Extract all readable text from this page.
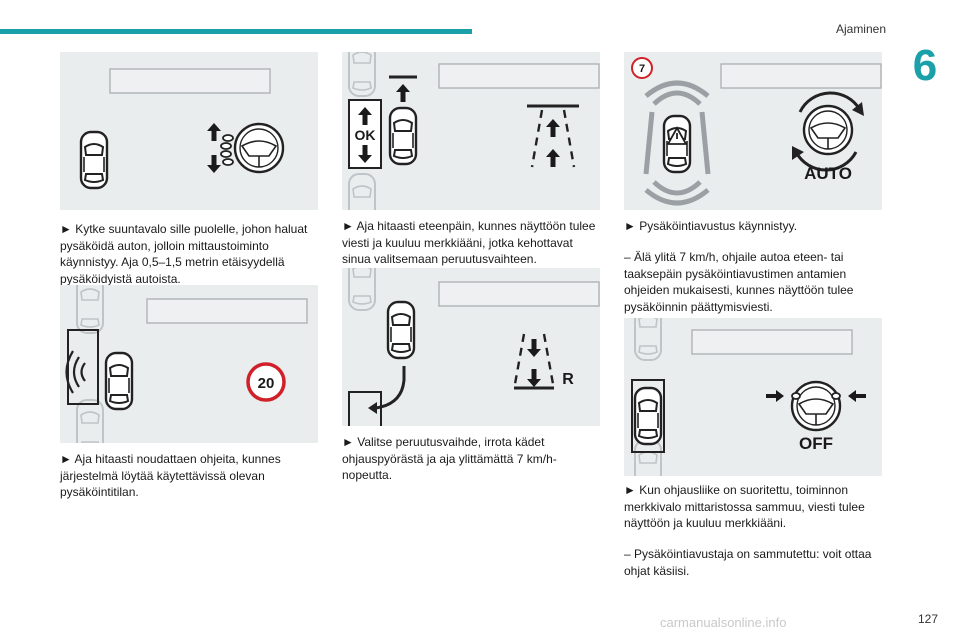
Ajaminen
6
► Kytke suuntavalo sille puolelle, johon haluat pysäköidä auton, jolloin mittaustoiminto käynnistyy. Aja 0,5–1,5 metrin etäisyydellä pysäköidyistä autoista.
20
► Aja hitaasti noudattaen ohjeita, kunnes järjestelmä löytää käytettävissä olevan pysäköintitilan.
OK
► Aja hitaasti eteenpäin, kunnes näyttöön tulee viesti ja kuuluu merkkiääni, jotka kehottavat sinua valitsemaan peruutusvaihteen.
R
► Valitse peruutusvaihde, irrota kädet ohjauspyörästä ja aja ylittämättä 7 km/h-nopeutta.
7
AUTO
► Pysäköintiavustus käynnistyy.
– Älä ylitä 7 km/h, ohjaile autoa eteen- tai taaksepäin pysäköintiavustimen antamien ohjeiden mukaisesti, kunnes näyttöön tulee pysäköinnin päättymisviesti.
OFF
► Kun ohjausliike on suoritettu, toiminnon merkkivalo mittaristossa sammuu, viesti tulee näyttöön ja kuuluu merkkiääni.
– Pysäköintiavustaja on sammutettu: voit ottaa ohjat käsiisi.
carmanualsonline.info	127
